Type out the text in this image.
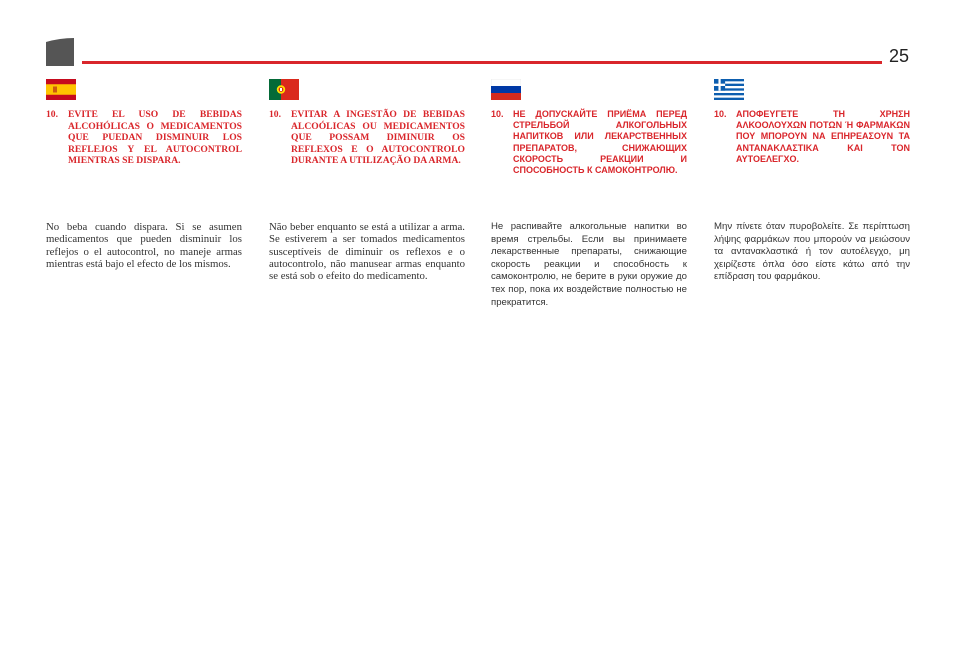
25
10.	EVITE EL USO DE BEBIDAS ALCOHÓLICAS O MEDICAMENTOS QUE PUEDAN DISMINUIR LOS REFLEJOS Y EL AUTOCONTROL MIENTRAS SE DISPARA.
No beba cuando dispara. Si se asumen medicamentos que pueden disminuir los reflejos o el autocontrol, no maneje armas mientras está bajo el efecto de los mismos.
10.	EVITAR A INGESTÃO DE BEBIDAS ALCOÓLICAS OU MEDICAMENTOS QUE POSSAM DIMINUIR OS REFLEXOS E O AUTOCONTROLO DURANTE A UTILIZAÇÃO DA ARMA.
Não beber enquanto se está a utilizar a arma. Se estiverem a ser tomados medicamentos susceptíveis de diminuir os reflexos e o autocontrolo, não manusear armas enquanto se está sob o efeito do medicamento.
10.	НЕ ДОПУСКАЙТЕ ПРИЁМА ПЕРЕД СТРЕЛЬБОЙ АЛКОГОЛЬНЫХ НАПИТКОВ ИЛИ ЛЕКАРСТВЕННЫХ ПРЕПАРАТОВ, СНИЖАЮЩИХ СКОРОСТЬ РЕАКЦИИ И СПОСОБНОСТЬ К САМОКОНТРОЛЮ.
Не распивайте алкогольные напитки во время стрельбы. Если вы принимаете лекарственные препараты, снижающие скорость реакции и способность к самоконтролю, не берите в руки оружие до тех пор, пока их воздействие полностью не прекратится.
10.	ΑΠΟΦΕΥΓΕΤΕ ΤΗ ΧΡΗΣΗ ΑΛΚΟΟΛΟΥΧΩΝ ΠΟΤΩΝ Ή ΦΑΡΜΑΚΩΝ ΠΟΥ ΜΠΟΡΟΥΝ ΝΑ ΕΠΗΡΕΑΣΟΥΝ ΤΑ ΑΝΤΑΝΑΚΛΑΣΤΙΚΑ ΚΑΙ ΤΟΝ ΑΥΤΟΕΛΕΓΧΟ.
Μην πίνετε όταν πυροβολείτε. Σε περίπτωση λήψης φαρμάκων που μπορούν να μειώσουν τα αντανακλαστικά ή τον αυτοέλεγχο, μη χειρίζεστε όπλα όσο είστε κάτω από την επίδραση του φαρμάκου.
